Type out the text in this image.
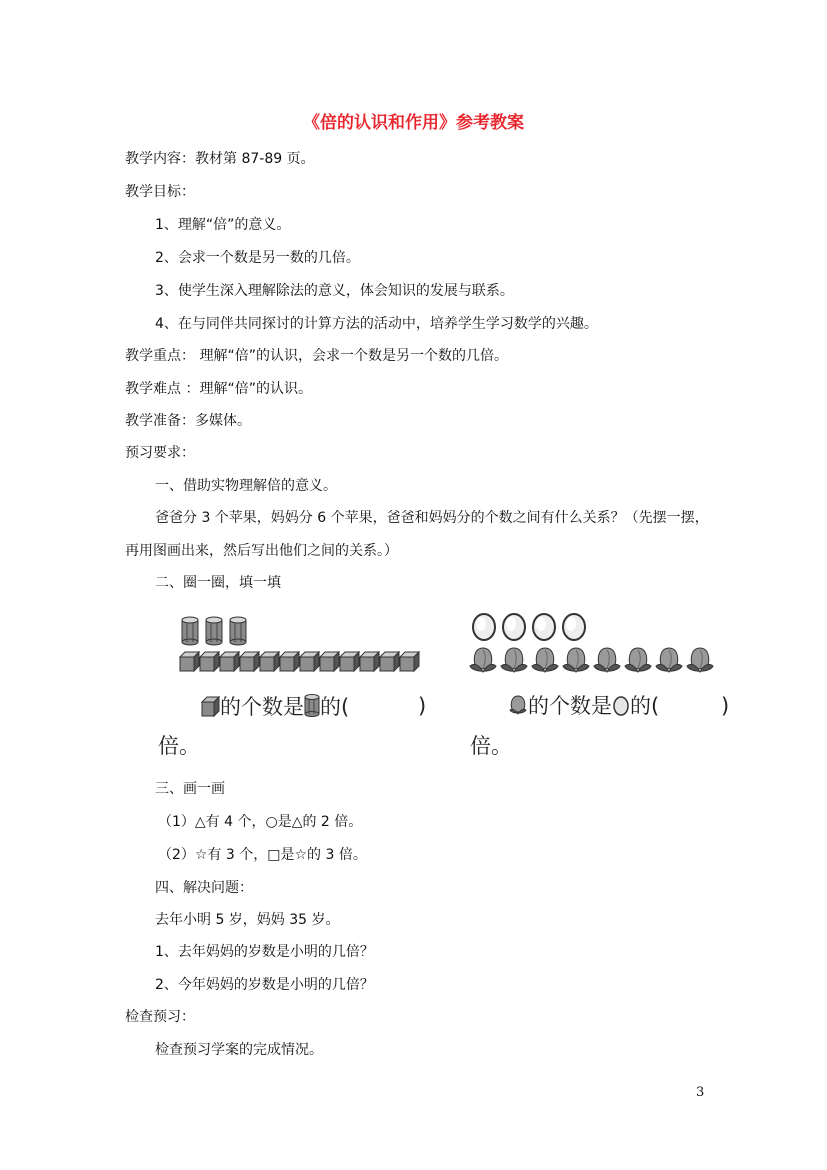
《倍的认识和作用》参考教案
教学内容：教材第 87-89 页。
教学目标：
1、理解“倍”的意义。
2、会求一个数是另一数的几倍。
3、使学生深入理解除法的意义，体会知识的发展与联系。
4、在与同伴共同探讨的计算方法的活动中，培养学生学习数学的兴趣。
教学重点： 理解“倍”的认识，会求一个数是另一个数的几倍。
教学难点 ：理解“倍”的认识。
教学准备：多媒体。
预习要求：
一、借助实物理解倍的意义。
爸爸分 3 个苹果，妈妈分 6 个苹果，爸爸和妈妈分的个数之间有什么关系？（先摆一摆，
再用图画出来，然后写出他们之间的关系。）
二、圈一圈，填一填
的个数是 的(	)
倍。
的个数是 的(	)
倍。
三、画一画
（1）△有 4 个，○是△的 2 倍。
（2）☆有 3 个，□是☆的 3 倍。
四、解决问题：
去年小明 5 岁，妈妈 35 岁。
1、去年妈妈的岁数是小明的几倍？
2、今年妈妈的岁数是小明的几倍？
检查预习：
检查预习学案的完成情况。
3
